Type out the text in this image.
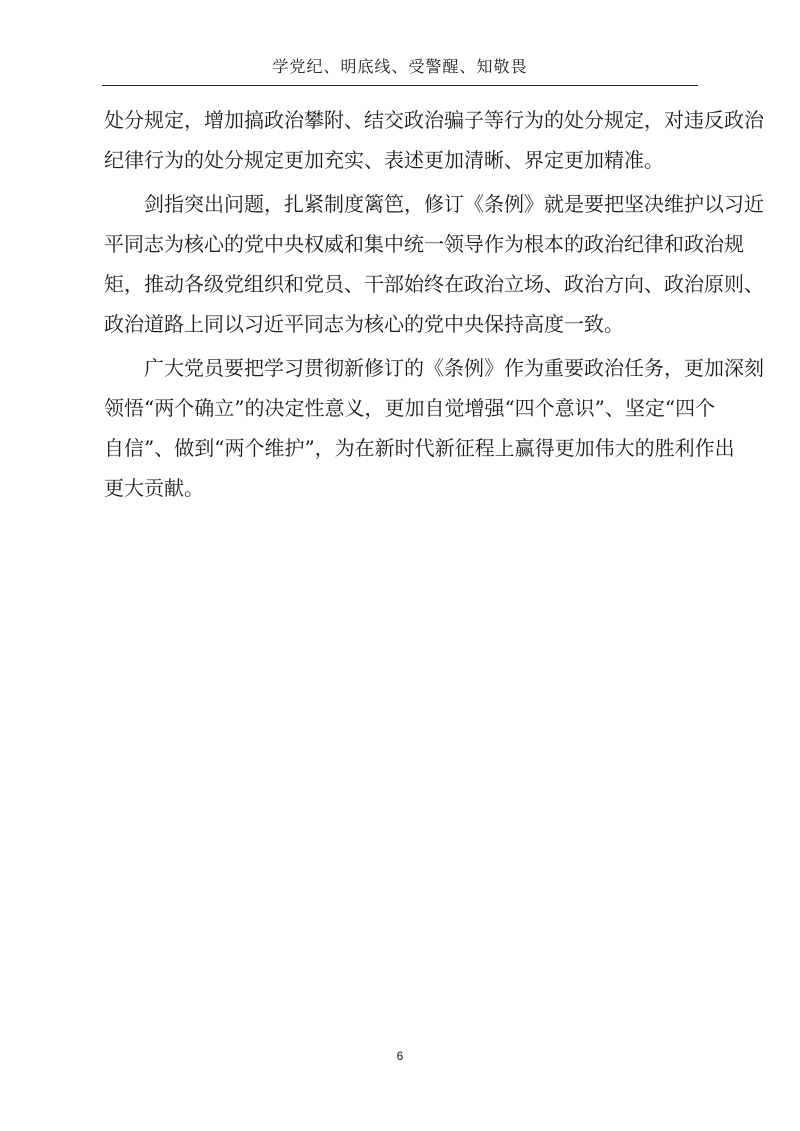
学党纪、明底线、受警醒、知敬畏
处分规定，增加搞政治攀附、结交政治骗子等行为的处分规定，对违反政治
纪律行为的处分规定更加充实、表述更加清晰、界定更加精准。
剑指突出问题，扎紧制度篱笆，修订《条例》就是要把坚决维护以习近
平同志为核心的党中央权威和集中统一领导作为根本的政治纪律和政治规
矩，推动各级党组织和党员、干部始终在政治立场、政治方向、政治原则、
政治道路上同以习近平同志为核心的党中央保持高度一致。
广大党员要把学习贯彻新修订的《条例》作为重要政治任务，更加深刻
领悟“两个确立”的决定性意义，更加自觉增强“四个意识”、坚定“四个
自信”、做到“两个维护”，为在新时代新征程上赢得更加伟大的胜利作出
更大贡献。
6
